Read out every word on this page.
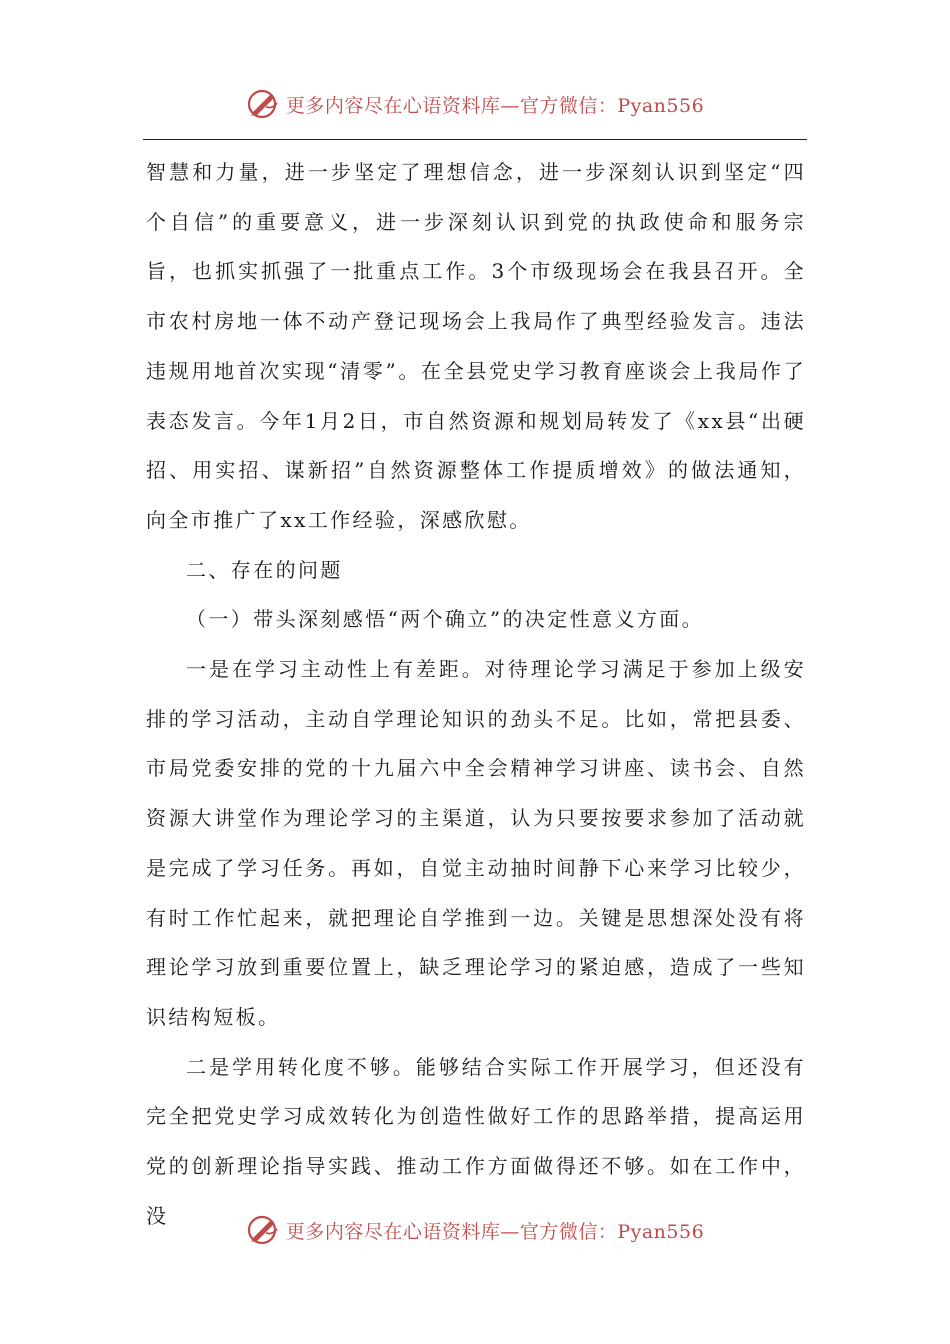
更多内容尽在心语资料库—官方微信：Pyan556

智慧和力量，进一步坚定了理想信念，进一步深刻认识到坚定“四个自信”的重要意义，进一步深刻认识到党的执政使命和服务宗旨，也抓实抓强了一批重点工作。3个市级现场会在我县召开。全市农村房地一体不动产登记现场会上我局作了典型经验发言。违法违规用地首次实现“清零”。在全县党史学习教育座谈会上我局作了表态发言。今年1月2日，市自然资源和规划局转发了《xx县“出硬招、用实招、谋新招”自然资源整体工作提质增效》的做法通知，向全市推广了xx工作经验，深感欣慰。

二、存在的问题

（一）带头深刻感悟“两个确立”的决定性意义方面。

一是在学习主动性上有差距。对待理论学习满足于参加上级安排的学习活动，主动自学理论知识的劲头不足。比如，常把县委、市局党委安排的党的十九届六中全会精神学习讲座、读书会、自然资源大讲堂作为理论学习的主渠道，认为只要按要求参加了活动就是完成了学习任务。再如，自觉主动抽时间静下心来学习比较少，有时工作忙起来，就把理论自学推到一边。关键是思想深处没有将理论学习放到重要位置上，缺乏理论学习的紧迫感，造成了一些知识结构短板。

二是学用转化度不够。能够结合实际工作开展学习，但还没有完全把党史学习成效转化为创造性做好工作的思路举措，提高运用党的创新理论指导实践、推动工作方面做得还不够。如在工作中，没

更多内容尽在心语资料库—官方微信：Pyan556
